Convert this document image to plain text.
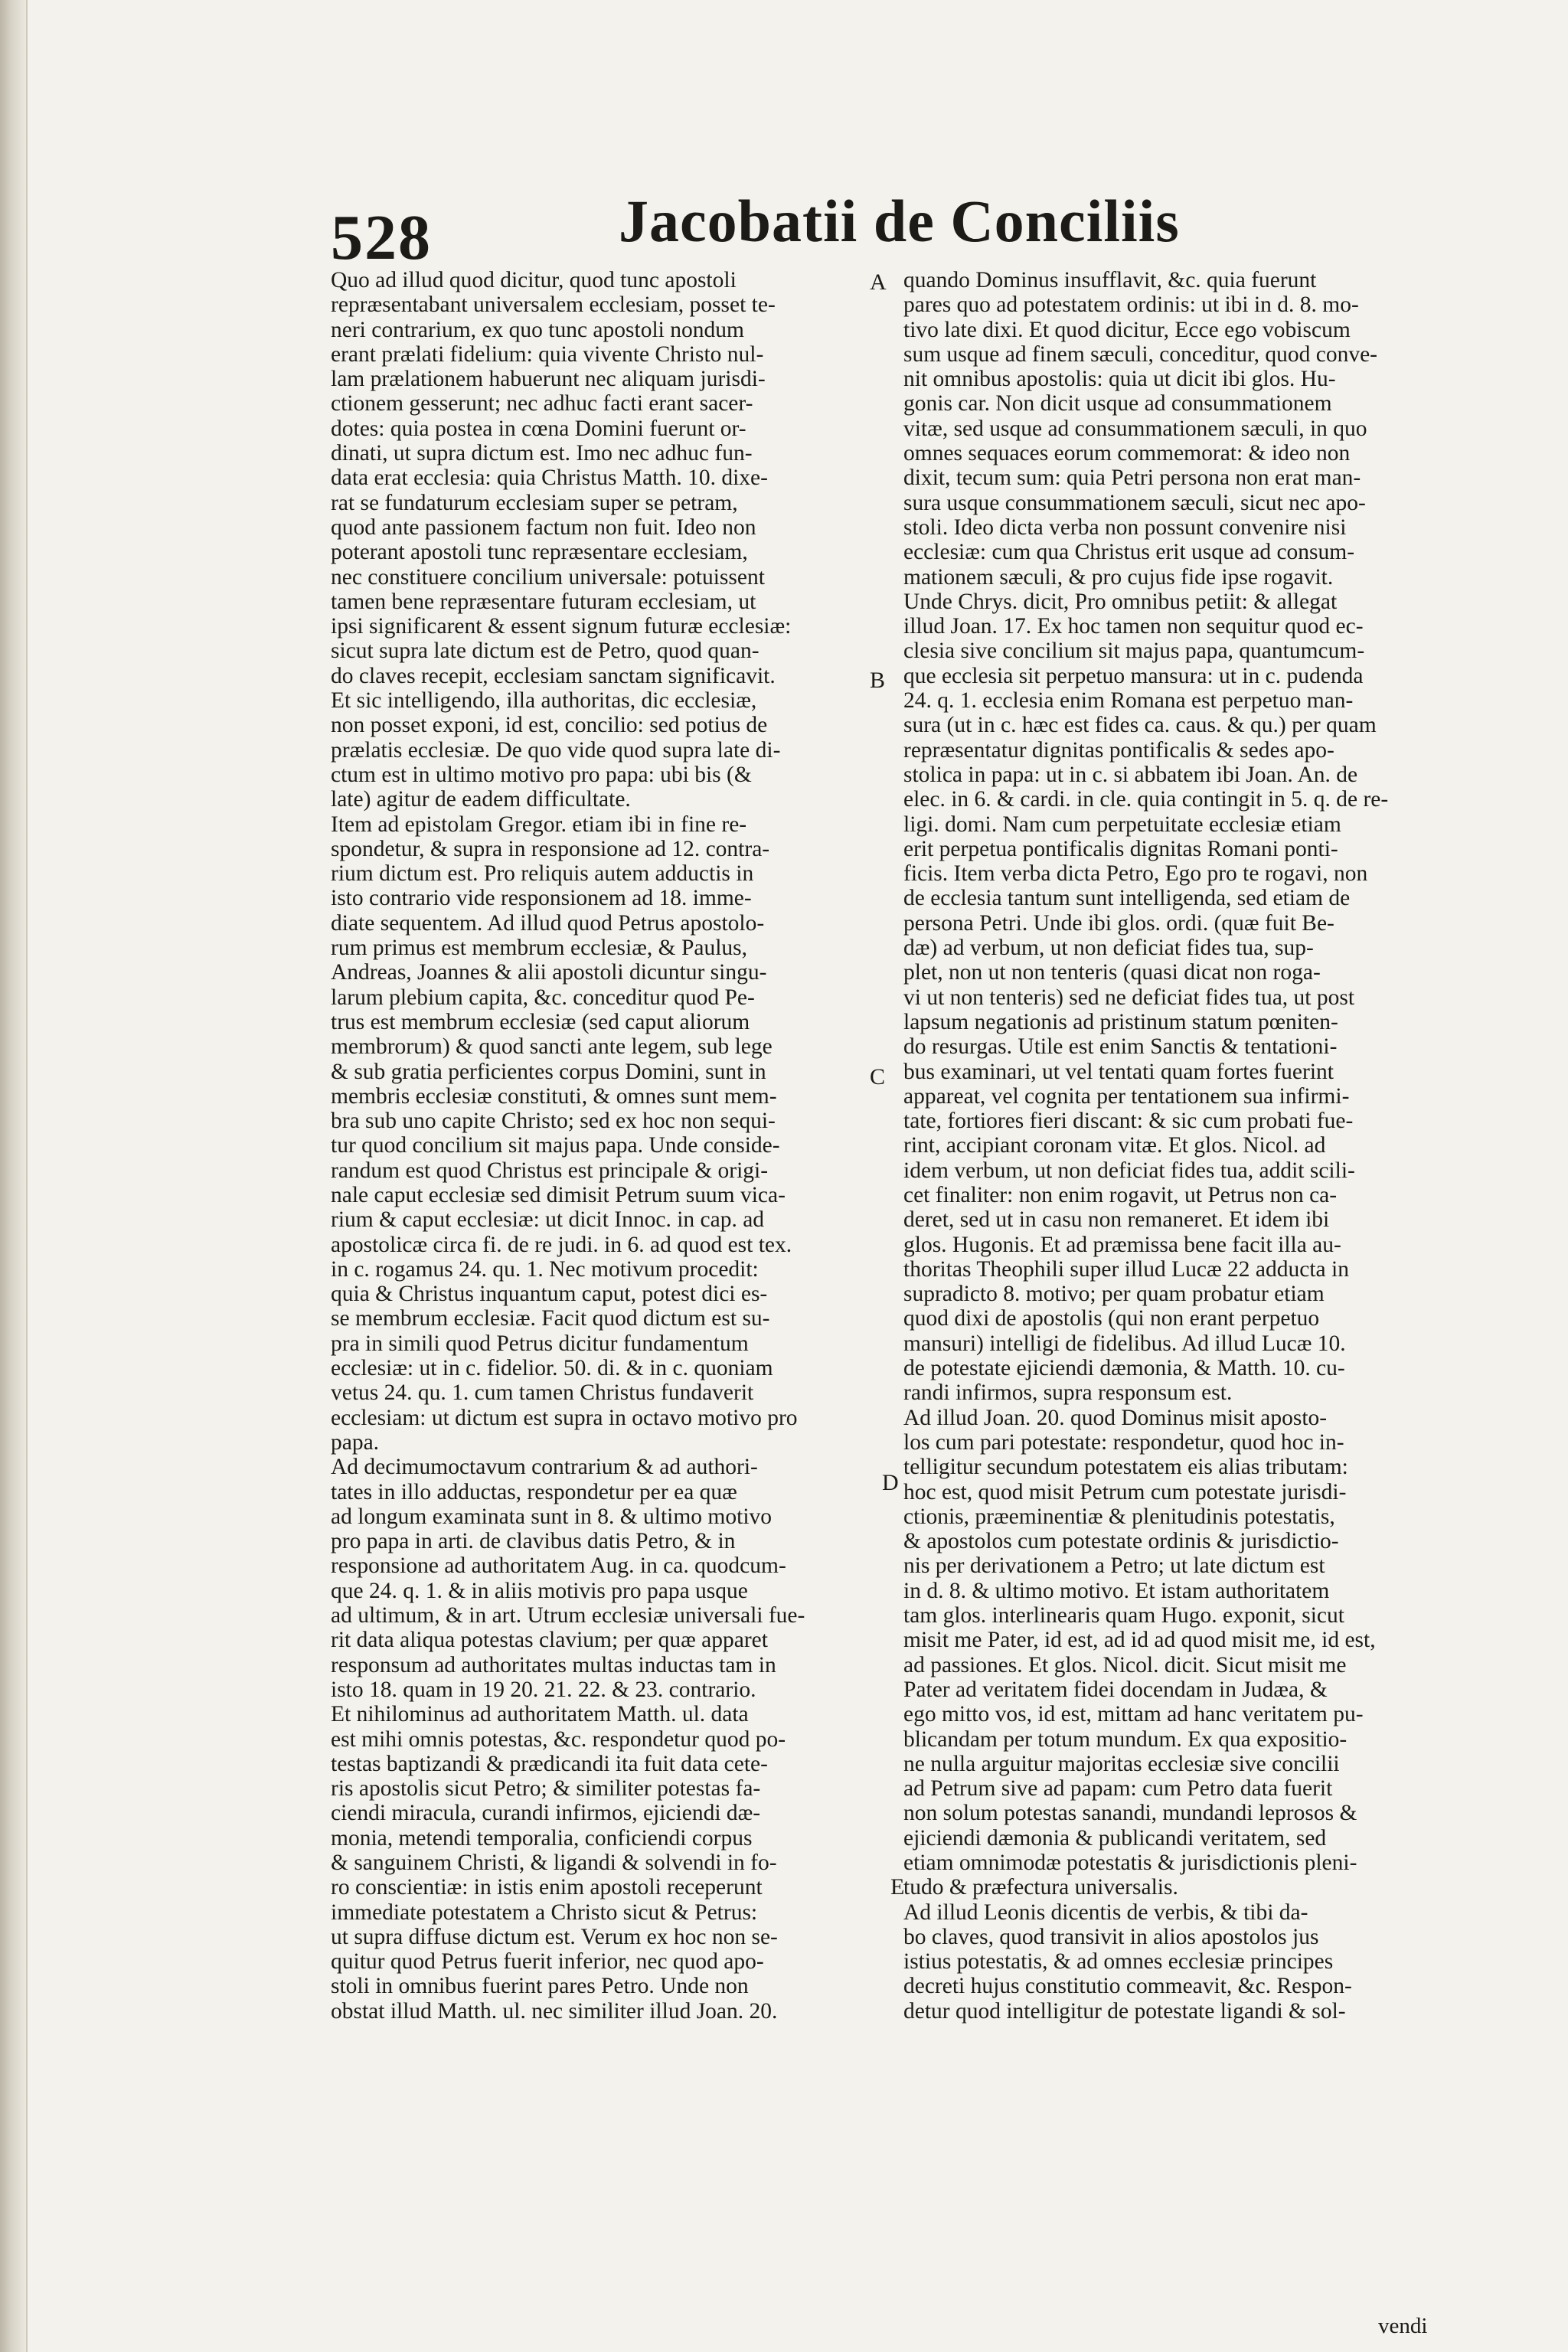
528	Jacobatii de Conciliis
Quo ad illud quod dicitur, quod tunc apostoli
repræsentabant universalem ecclesiam, posset te-
neri contrarium, ex quo tunc apostoli nondum
erant prælati fidelium: quia vivente Christo nul-
lam prælationem habuerunt nec aliquam jurisdi-
ctionem gesserunt; nec adhuc facti erant sacer-
dotes: quia postea in cœna Domini fuerunt or-
dinati, ut supra dictum est. Imo nec adhuc fun-
data erat ecclesia: quia Christus Matth. 10. dixe-
rat se fundaturum ecclesiam super se petram,
quod ante passionem factum non fuit. Ideo non
poterant apostoli tunc repræsentare ecclesiam,
nec constituere concilium universale: potuissent
tamen bene repræsentare futuram ecclesiam, ut
ipsi significarent & essent signum futuræ ecclesiæ:
sicut supra late dictum est de Petro, quod quan-
do claves recepit, ecclesiam sanctam significavit.
Et sic intelligendo, illa authoritas, dic ecclesiæ,
non posset exponi, id est, concilio: sed potius de
prælatis ecclesiæ. De quo vide quod supra late di-
ctum est in ultimo motivo pro papa: ubi bis (&
late) agitur de eadem difficultate.
Item ad epistolam Gregor. etiam ibi in fine re-
spondetur, & supra in responsione ad 12. contra-
rium dictum est. Pro reliquis autem adductis in
isto contrario vide responsionem ad 18. imme-
diate sequentem. Ad illud quod Petrus apostolo-
rum primus est membrum ecclesiæ, & Paulus,
Andreas, Joannes & alii apostoli dicuntur singu-
larum plebium capita, &c. conceditur quod Pe-
trus est membrum ecclesiæ (sed caput aliorum
membrorum) & quod sancti ante legem, sub lege
& sub gratia perficientes corpus Domini, sunt in
membris ecclesiæ constituti, & omnes sunt mem-
bra sub uno capite Christo; sed ex hoc non sequi-
tur quod concilium sit majus papa. Unde conside-
randum est quod Christus est principale & origi-
nale caput ecclesiæ sed dimisit Petrum suum vica-
rium & caput ecclesiæ: ut dicit Innoc. in cap. ad
apostolicæ circa fi. de re judi. in 6. ad quod est tex.
in c. rogamus 24. qu. 1. Nec motivum procedit:
quia & Christus inquantum caput, potest dici es-
se membrum ecclesiæ. Facit quod dictum est su-
pra in simili quod Petrus dicitur fundamentum
ecclesiæ: ut in c. fidelior. 50. di. & in c. quoniam
vetus 24. qu. 1. cum tamen Christus fundaverit
ecclesiam: ut dictum est supra in octavo motivo pro
papa.
Ad decimumoctavum contrarium & ad authori-
tates in illo adductas, respondetur per ea quæ
ad longum examinata sunt in 8. & ultimo motivo
pro papa in arti. de clavibus datis Petro, & in
responsione ad authoritatem Aug. in ca. quodcum-
que 24. q. 1. & in aliis motivis pro papa usque
ad ultimum, & in art. Utrum ecclesiæ universali fue-
rit data aliqua potestas clavium; per quæ apparet
responsum ad authoritates multas inductas tam in
isto 18. quam in 19 20. 21. 22. & 23. contrario.
Et nihilominus ad authoritatem Matth. ul. data
est mihi omnis potestas, &c. respondetur quod po-
testas baptizandi & prædicandi ita fuit data cete-
ris apostolis sicut Petro; & similiter potestas fa-
ciendi miracula, curandi infirmos, ejiciendi dæ-
monia, metendi temporalia, conficiendi corpus
& sanguinem Christi, & ligandi & solvendi in fo-
ro conscientiæ: in istis enim apostoli receperunt
immediate potestatem a Christo sicut & Petrus:
ut supra diffuse dictum est. Verum ex hoc non se-
quitur quod Petrus fuerit inferior, nec quod apo-
stoli in omnibus fuerint pares Petro. Unde non
obstat illud Matth. ul. nec similiter illud Joan. 20.
quando Dominus insufflavit, &c. quia fuerunt
pares quo ad potestatem ordinis: ut ibi in d. 8. mo-
tivo late dixi. Et quod dicitur, Ecce ego vobiscum
sum usque ad finem sæculi, conceditur, quod conve-
nit omnibus apostolis: quia ut dicit ibi glos. Hu-
gonis car. Non dicit usque ad consummationem
vitæ, sed usque ad consummationem sæculi, in quo
omnes sequaces eorum commemorat: & ideo non
dixit, tecum sum: quia Petri persona non erat man-
sura usque consummationem sæculi, sicut nec apo-
stoli. Ideo dicta verba non possunt convenire nisi
ecclesiæ: cum qua Christus erit usque ad consum-
mationem sæculi, & pro cujus fide ipse rogavit.
Unde Chrys. dicit, Pro omnibus petiit: & allegat
illud Joan. 17. Ex hoc tamen non sequitur quod ec-
clesia sive concilium sit majus papa, quantumcum-
que ecclesia sit perpetuo mansura: ut in c. pudenda
24. q. 1. ecclesia enim Romana est perpetuo man-
sura (ut in c. hæc est fides ca. caus. & qu.) per quam
repræsentatur dignitas pontificalis & sedes apo-
stolica in papa: ut in c. si abbatem ibi Joan. An. de
elec. in 6. & cardi. in cle. quia contingit in 5. q. de re-
ligi. domi. Nam cum perpetuitate ecclesiæ etiam
erit perpetua pontificalis dignitas Romani ponti-
ficis. Item verba dicta Petro, Ego pro te rogavi, non
de ecclesia tantum sunt intelligenda, sed etiam de
persona Petri. Unde ibi glos. ordi. (quæ fuit Be-
dæ) ad verbum, ut non deficiat fides tua, sup-
plet, non ut non tenteris (quasi dicat non roga-
vi ut non tenteris) sed ne deficiat fides tua, ut post
lapsum negationis ad pristinum statum pœniten-
do resurgas. Utile est enim Sanctis & tentationi-
bus examinari, ut vel tentati quam fortes fuerint
appareat, vel cognita per tentationem sua infirmi-
tate, fortiores fieri discant: & sic cum probati fue-
rint, accipiant coronam vitæ. Et glos. Nicol. ad
idem verbum, ut non deficiat fides tua, addit scili-
cet finaliter: non enim rogavit, ut Petrus non ca-
deret, sed ut in casu non remaneret. Et idem ibi
glos. Hugonis. Et ad præmissa bene facit illa au-
thoritas Theophili super illud Lucæ 22 adducta in
supradicto 8. motivo; per quam probatur etiam
quod dixi de apostolis (qui non erant perpetuo
mansuri) intelligi de fidelibus. Ad illud Lucæ 10.
de potestate ejiciendi dæmonia, & Matth. 10. cu-
randi infirmos, supra responsum est.
Ad illud Joan. 20. quod Dominus misit aposto-
los cum pari potestate: respondetur, quod hoc in-
telligitur secundum potestatem eis alias tributam:
hoc est, quod misit Petrum cum potestate jurisdi-
ctionis, præeminentiæ & plenitudinis potestatis,
& apostolos cum potestate ordinis & jurisdictio-
nis per derivationem a Petro; ut late dictum est
in d. 8. & ultimo motivo. Et istam authoritatem
tam glos. interlinearis quam Hugo. exponit, sicut
misit me Pater, id est, ad id ad quod misit me, id est,
ad passiones. Et glos. Nicol. dicit. Sicut misit me
Pater ad veritatem fidei docendam in Judæa, &
ego mitto vos, id est, mittam ad hanc veritatem pu-
blicandam per totum mundum. Ex qua expositio-
ne nulla arguitur majoritas ecclesiæ sive concilii
ad Petrum sive ad papam: cum Petro data fuerit
non solum potestas sanandi, mundandi leprosos &
ejiciendi dæmonia & publicandi veritatem, sed
etiam omnimodæ potestatis & jurisdictionis pleni-
tudo & præfectura universalis.
Ad illud Leonis dicentis de verbis, & tibi da-
bo claves, quod transivit in alios apostolos jus
istius potestatis, & ad omnes ecclesiæ principes
decreti hujus constitutio commeavit, &c. Respon-
detur quod intelligitur de potestate ligandi & sol-
A
B
C
D
E
vendi
